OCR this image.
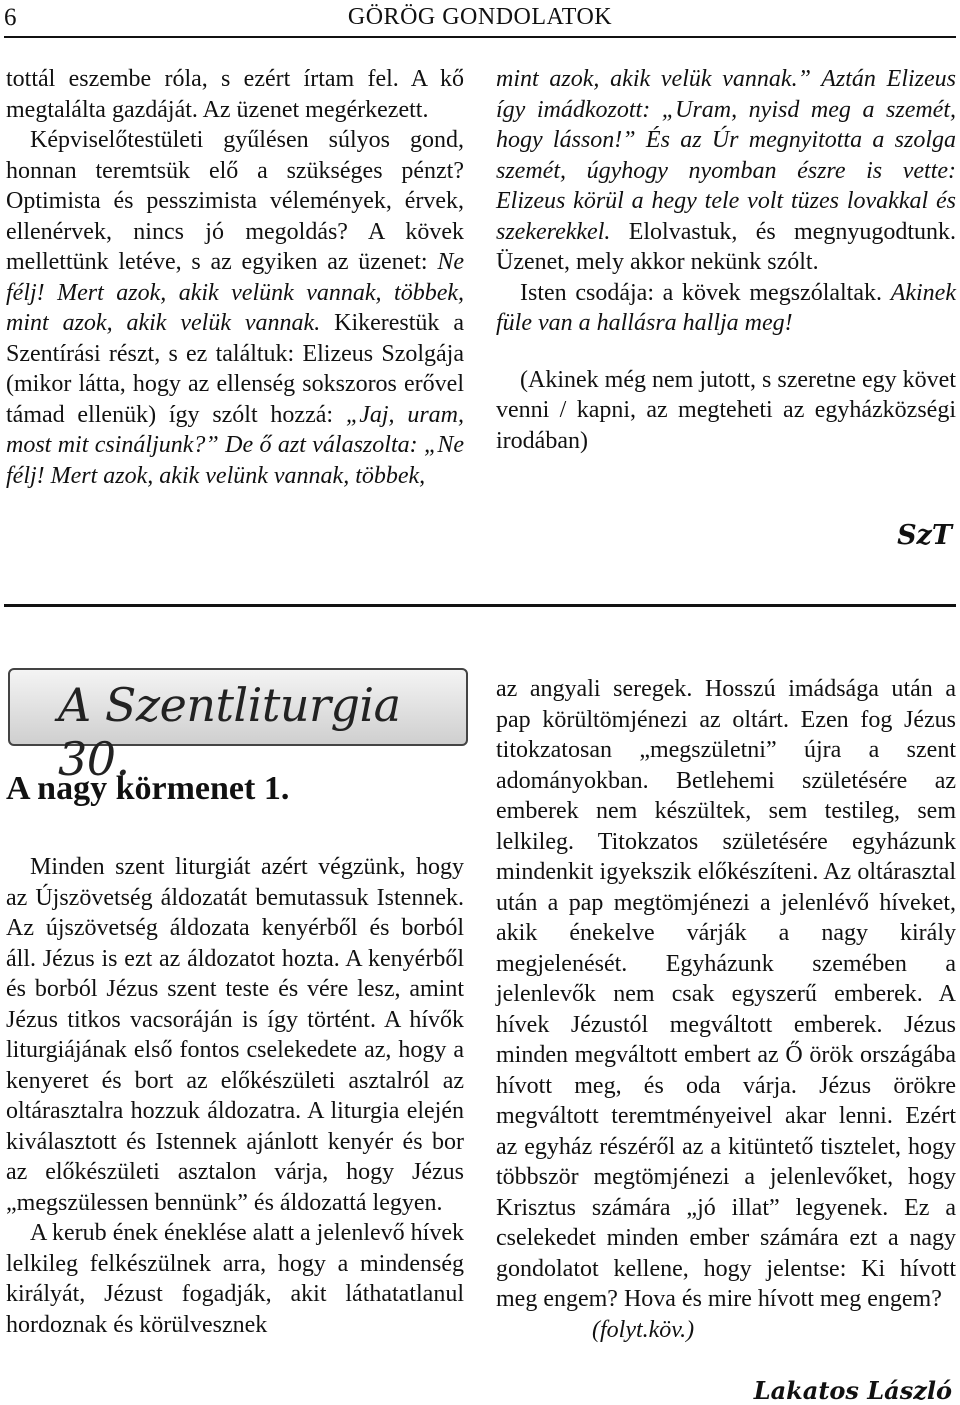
6	GÖRÖG GONDOLATOK

tottál eszembe róla, s ezért írtam fel. A kő megtalálta gazdáját. Az üzenet megérkezett.

Képviselőtestületi gyűlésen súlyos gond, honnan teremtsük elő a szükséges pénzt? Optimista és pesszimista vélemények, érvek, ellenérvek, nincs jó megoldás? A kövek mellettünk letéve, s az egyiken az üzenet: Ne félj! Mert azok, akik velünk vannak, többek, mint azok, akik velük vannak. Kikerestük a Szentírási részt, s ez találtuk: Elizeus Szolgája (mikor látta, hogy az ellenség sokszoros erővel támad ellenük) így szólt hozzá: „Jaj, uram, most mit csináljunk?” De ő azt válaszolta: „Ne félj! Mert azok, akik velünk vannak, többek,

mint azok, akik velük vannak.” Aztán Elizeus így imádkozott: „Uram, nyisd meg a szemét, hogy lásson!” És az Úr megnyitotta a szolga szemét, úgyhogy nyomban észre is vette: Elizeus körül a hegy tele volt tüzes lovakkal és szekerekkel. Elolvastuk, és megnyugodtunk. Üzenet, mely akkor nekünk szólt.

Isten csodája: a kövek megszólaltak. Akinek füle van a hallásra hallja meg!

(Akinek még nem jutott, s szeretne egy követ venni / kapni, az megteheti az egyházközségi irodában)

SzT
A Szentliturgia 30.
A nagy körmenet 1.

Minden szent liturgiát azért végzünk, hogy az Újszövetség áldozatát bemutassuk Istennek. Az újszövetség áldozata kenyérből és borból áll. Jézus is ezt az áldozatot hozta. A kenyérből és borból Jézus szent teste és vére lesz, amint Jézus titkos vacsoráján is így történt. A hívők liturgiájának első fontos cselekedete az, hogy a kenyeret és bort az előkészületi asztalról az oltárasztalra hozzuk áldozatra. A liturgia elején kiválasztott és Istennek ajánlott kenyér és bor az előkészületi asztalon várja, hogy Jézus „megszülessen bennünk” és áldozattá legyen.

A kerub ének éneklése alatt a jelenlevő hívek lelkileg felkészülnek arra, hogy a mindenség királyát, Jézust fogadják, akit láthatatlanul hordoznak és körülvesznek

az angyali seregek. Hosszú imádsága után a pap körültömjénezi az oltárt. Ezen fog Jézus titokzatosan „megszületni” újra a szent adományokban. Betlehemi születésére az emberek nem készültek, sem testileg, sem lelkileg. Titokzatos születésére egyházunk mindenkit igyekszik előkészíteni. Az oltárasztal után a pap megtömjénezi a jelenlévő híveket, akik énekelve várják a nagy király megjelenését. Egyházunk szemében a jelenlevők nem csak egyszerű emberek. A hívek Jézustól megváltott emberek. Jézus minden megváltott embert az Ő örök országába hívott meg, és oda várja. Jézus örökre megváltott teremtményeivel akar lenni. Ezért az egyház részéről az a kitüntető tisztelet, hogy többször megtömjénezi a jelenlevőket, hogy Krisztus számára „jó illat” legyenek. Ez a cselekedet minden ember számára ezt a nagy gondolatot kellene, hogy jelentse: Ki hívott meg engem? Hova és mire hívott meg engem?

(folyt.köv.)

Lakatos László
